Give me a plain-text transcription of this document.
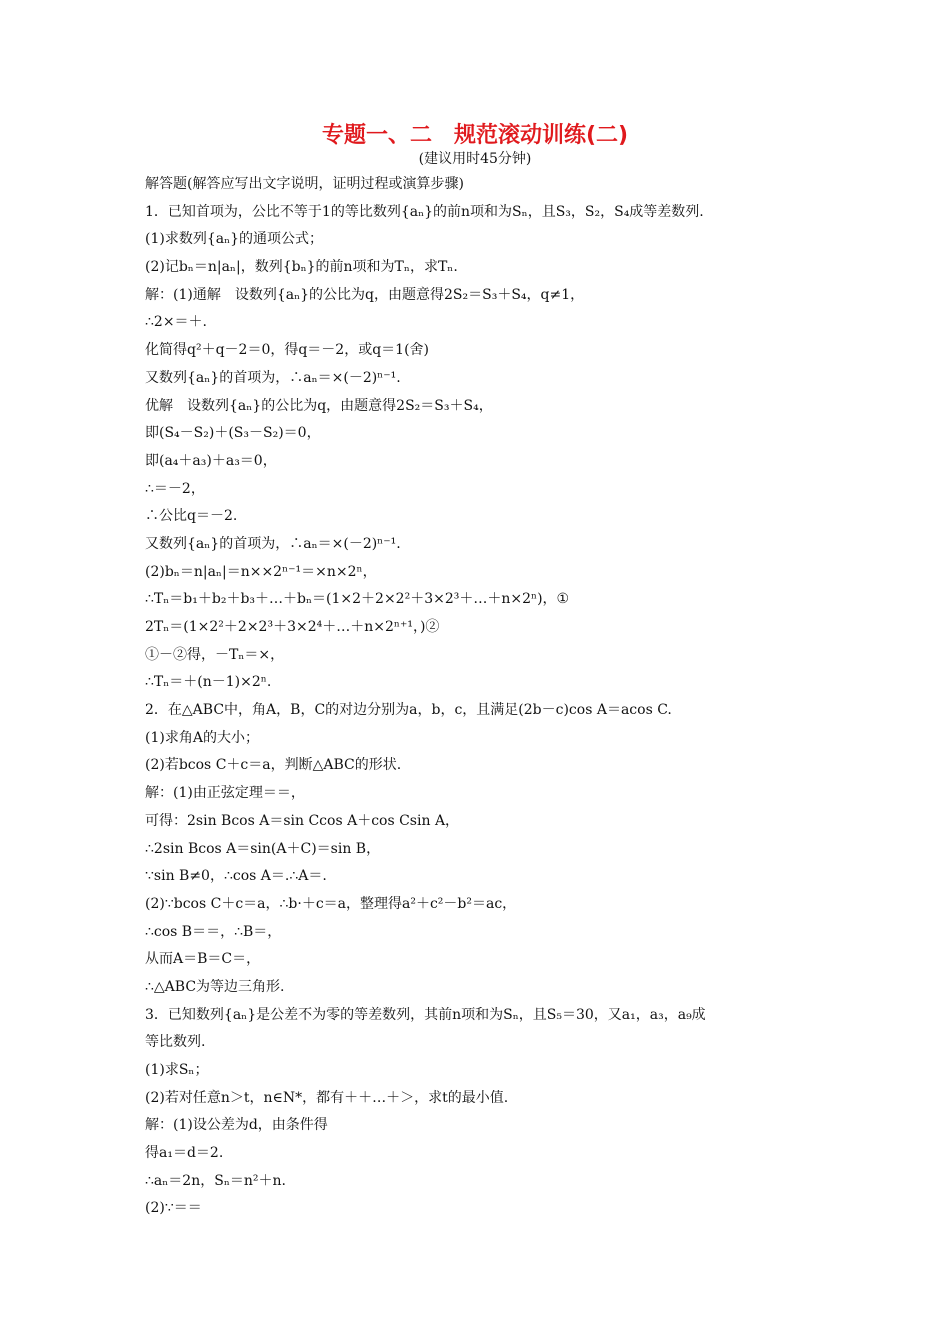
专题一、二　规范滚动训练(二)
(建议用时45分钟)
解答题(解答应写出文字说明，证明过程或演算步骤)
1．已知首项为，公比不等于1的等比数列{aₙ}的前n项和为Sₙ，且S₃，S₂，S₄成等差数列.
(1)求数列{aₙ}的通项公式；
(2)记bₙ＝n|aₙ|，数列{bₙ}的前n项和为Tₙ，求Tₙ.
解：(1)通解　设数列{aₙ}的公比为q，由题意得2S₂＝S₃＋S₄，q≠1，
∴2×＝＋.
化简得q²＋q－2＝0，得q＝－2，或q＝1(舍)
又数列{aₙ}的首项为，∴aₙ＝×(－2)ⁿ⁻¹.
优解　设数列{aₙ}的公比为q，由题意得2S₂＝S₃＋S₄，
即(S₄－S₂)＋(S₃－S₂)＝0，
即(a₄＋a₃)＋a₃＝0，
∴＝－2，
∴公比q＝－2.
又数列{aₙ}的首项为，∴aₙ＝×(－2)ⁿ⁻¹.
(2)bₙ＝n|aₙ|＝n××2ⁿ⁻¹＝×n×2ⁿ，
∴Tₙ＝b₁＋b₂＋b₃＋…＋bₙ＝(1×2＋2×2²＋3×2³＋…＋n×2ⁿ)，①
2Tₙ＝(1×2²＋2×2³＋3×2⁴＋…＋n×2ⁿ⁺¹，)②
①－②得，－Tₙ＝×，
∴Tₙ＝＋(n－1)×2ⁿ.
2．在△ABC中，角A，B，C的对边分别为a，b，c，且满足(2b－c)cos A＝acos C.
(1)求角A的大小；
(2)若bcos C＋c＝a，判断△ABC的形状.
解：(1)由正弦定理＝＝，
可得：2sin Bcos A＝sin Ccos A＋cos Csin A，
∴2sin Bcos A＝sin(A＋C)＝sin B，
∵sin B≠0，∴cos A＝.∴A＝.
(2)∵bcos C＋c＝a，∴b·＋c＝a，整理得a²＋c²－b²＝ac，
∴cos B＝＝，∴B＝，
从而A＝B＝C＝，
∴△ABC为等边三角形.
3．已知数列{aₙ}是公差不为零的等差数列，其前n项和为Sₙ，且S₅＝30，又a₁，a₃，a₉成
等比数列.
(1)求Sₙ；
(2)若对任意n＞t，n∈N*，都有＋＋…＋＞，求t的最小值.
解：(1)设公差为d，由条件得
得a₁＝d＝2.
∴aₙ＝2n，Sₙ＝n²＋n.
(2)∵＝＝
